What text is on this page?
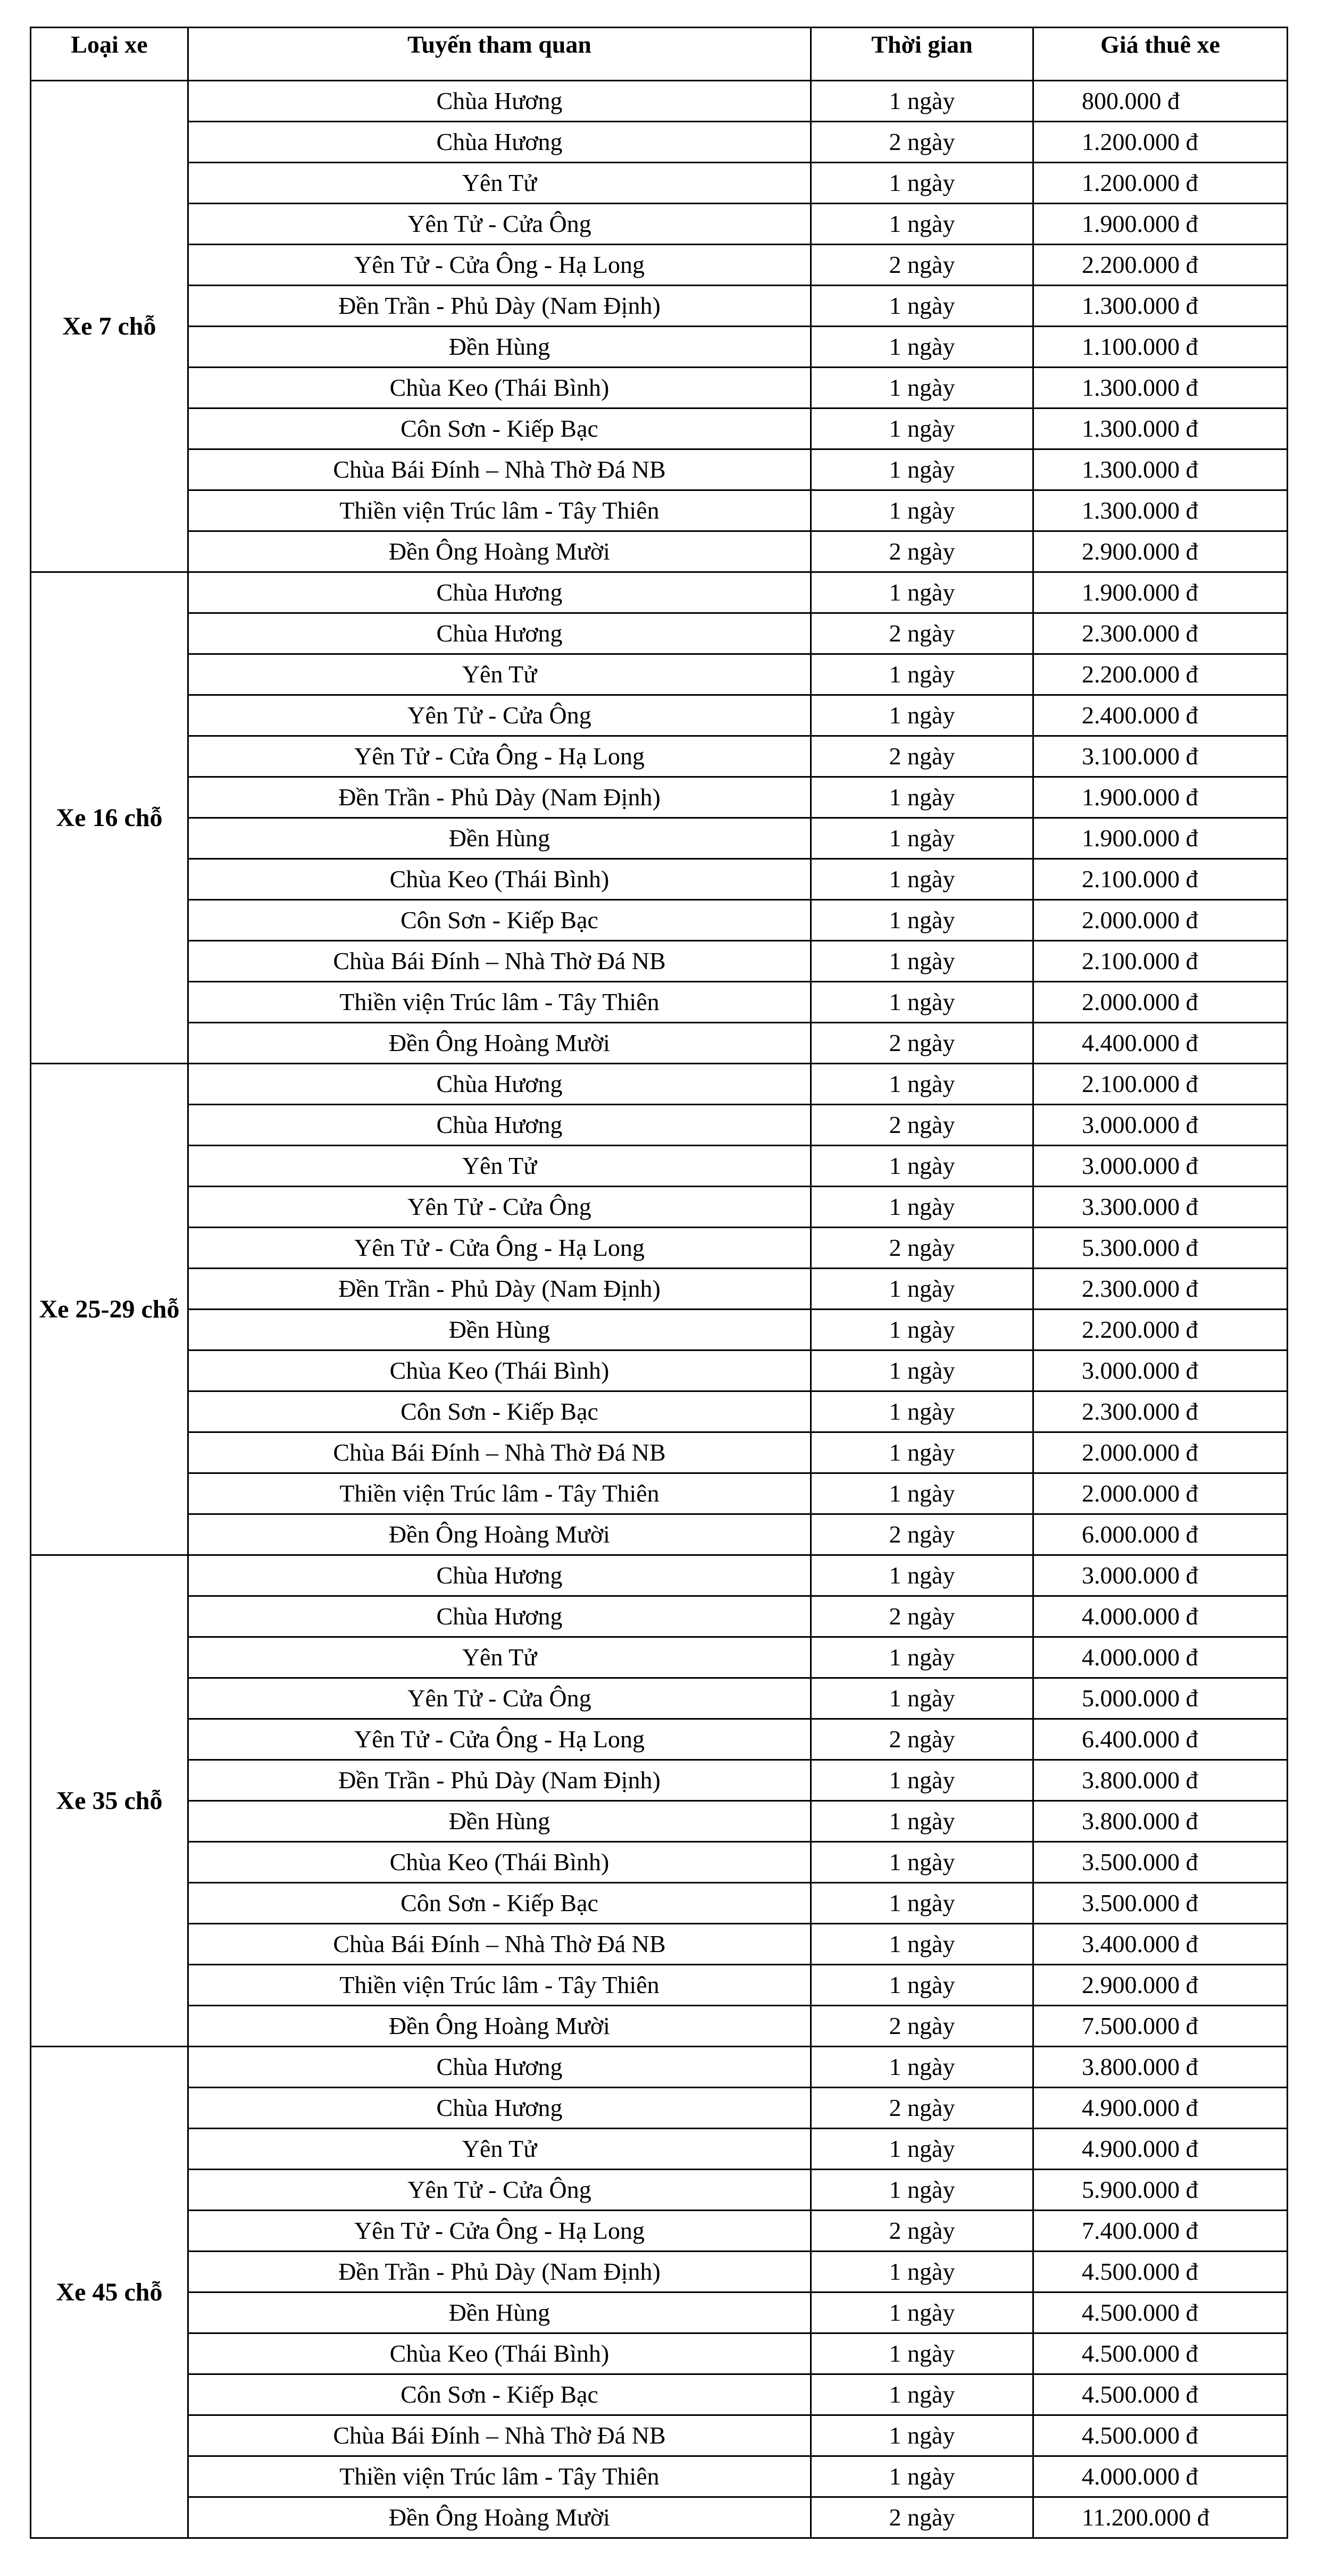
Loại xe	Tuyến tham quan	Thời gian	Giá thuê xe
Xe 7 chỗ	Chùa Hương	1 ngày	800.000 đ
	Chùa Hương	2 ngày	1.200.000 đ
	Yên Tử	1 ngày	1.200.000 đ
	Yên Tử - Cửa Ông	1 ngày	1.900.000 đ
	Yên Tử - Cửa Ông - Hạ Long	2 ngày	2.200.000 đ
	Đền Trần - Phủ Dày (Nam Định)	1 ngày	1.300.000 đ
	Đền Hùng	1 ngày	1.100.000 đ
	Chùa Keo (Thái Bình)	1 ngày	1.300.000 đ
	Côn Sơn - Kiếp Bạc	1 ngày	1.300.000 đ
	Chùa Bái Đính – Nhà Thờ Đá NB	1 ngày	1.300.000 đ
	Thiền viện Trúc lâm - Tây Thiên	1 ngày	1.300.000 đ
	Đền Ông Hoàng Mười	2 ngày	2.900.000 đ
Xe 16 chỗ	Chùa Hương	1 ngày	1.900.000 đ
	Chùa Hương	2 ngày	2.300.000 đ
	Yên Tử	1 ngày	2.200.000 đ
	Yên Tử - Cửa Ông	1 ngày	2.400.000 đ
	Yên Tử - Cửa Ông - Hạ Long	2 ngày	3.100.000 đ
	Đền Trần - Phủ Dày (Nam Định)	1 ngày	1.900.000 đ
	Đền Hùng	1 ngày	1.900.000 đ
	Chùa Keo (Thái Bình)	1 ngày	2.100.000 đ
	Côn Sơn - Kiếp Bạc	1 ngày	2.000.000 đ
	Chùa Bái Đính – Nhà Thờ Đá NB	1 ngày	2.100.000 đ
	Thiền viện Trúc lâm - Tây Thiên	1 ngày	2.000.000 đ
	Đền Ông Hoàng Mười	2 ngày	4.400.000 đ
Xe 25-29 chỗ	Chùa Hương	1 ngày	2.100.000 đ
	Chùa Hương	2 ngày	3.000.000 đ
	Yên Tử	1 ngày	3.000.000 đ
	Yên Tử - Cửa Ông	1 ngày	3.300.000 đ
	Yên Tử - Cửa Ông - Hạ Long	2 ngày	5.300.000 đ
	Đền Trần - Phủ Dày (Nam Định)	1 ngày	2.300.000 đ
	Đền Hùng	1 ngày	2.200.000 đ
	Chùa Keo (Thái Bình)	1 ngày	3.000.000 đ
	Côn Sơn - Kiếp Bạc	1 ngày	2.300.000 đ
	Chùa Bái Đính – Nhà Thờ Đá NB	1 ngày	2.000.000 đ
	Thiền viện Trúc lâm - Tây Thiên	1 ngày	2.000.000 đ
	Đền Ông Hoàng Mười	2 ngày	6.000.000 đ
Xe 35 chỗ	Chùa Hương	1 ngày	3.000.000 đ
	Chùa Hương	2 ngày	4.000.000 đ
	Yên Tử	1 ngày	4.000.000 đ
	Yên Tử - Cửa Ông	1 ngày	5.000.000 đ
	Yên Tử - Cửa Ông - Hạ Long	2 ngày	6.400.000 đ
	Đền Trần - Phủ Dày (Nam Định)	1 ngày	3.800.000 đ
	Đền Hùng	1 ngày	3.800.000 đ
	Chùa Keo (Thái Bình)	1 ngày	3.500.000 đ
	Côn Sơn - Kiếp Bạc	1 ngày	3.500.000 đ
	Chùa Bái Đính – Nhà Thờ Đá NB	1 ngày	3.400.000 đ
	Thiền viện Trúc lâm - Tây Thiên	1 ngày	2.900.000 đ
	Đền Ông Hoàng Mười	2 ngày	7.500.000 đ
Xe 45 chỗ	Chùa Hương	1 ngày	3.800.000 đ
	Chùa Hương	2 ngày	4.900.000 đ
	Yên Tử	1 ngày	4.900.000 đ
	Yên Tử - Cửa Ông	1 ngày	5.900.000 đ
	Yên Tử - Cửa Ông - Hạ Long	2 ngày	7.400.000 đ
	Đền Trần - Phủ Dày (Nam Định)	1 ngày	4.500.000 đ
	Đền Hùng	1 ngày	4.500.000 đ
	Chùa Keo (Thái Bình)	1 ngày	4.500.000 đ
	Côn Sơn - Kiếp Bạc	1 ngày	4.500.000 đ
	Chùa Bái Đính – Nhà Thờ Đá NB	1 ngày	4.500.000 đ
	Thiền viện Trúc lâm - Tây Thiên	1 ngày	4.000.000 đ
	Đền Ông Hoàng Mười	2 ngày	11.200.000 đ
